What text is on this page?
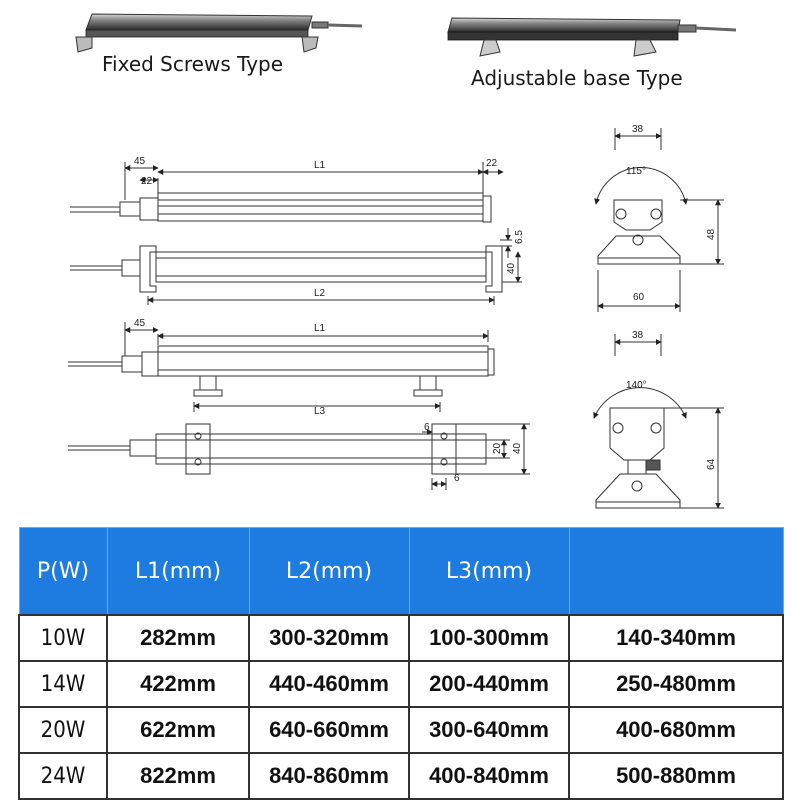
45
22
L1	22
6.5
40
L2
45	L1
L3
6
20 40
6
38
115°
48
60
38
140°
64
Fixed Screws Type
Adjustable base Type
P(W)	L1(mm)	L2(mm)	L3(mm)	
10W	282mm	300-320mm	100-300mm	140-340mm
14W	422mm	440-460mm	200-440mm	250-480mm
20W	622mm	640-660mm	300-640mm	400-680mm
24W	822mm	840-860mm	400-840mm	500-880mm
